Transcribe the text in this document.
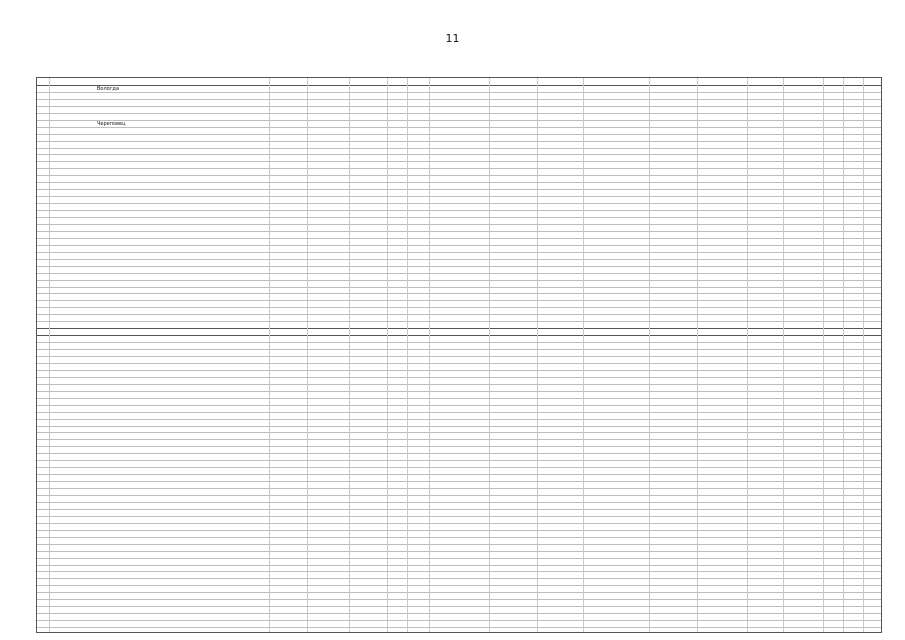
11
Вологда
Череповец
